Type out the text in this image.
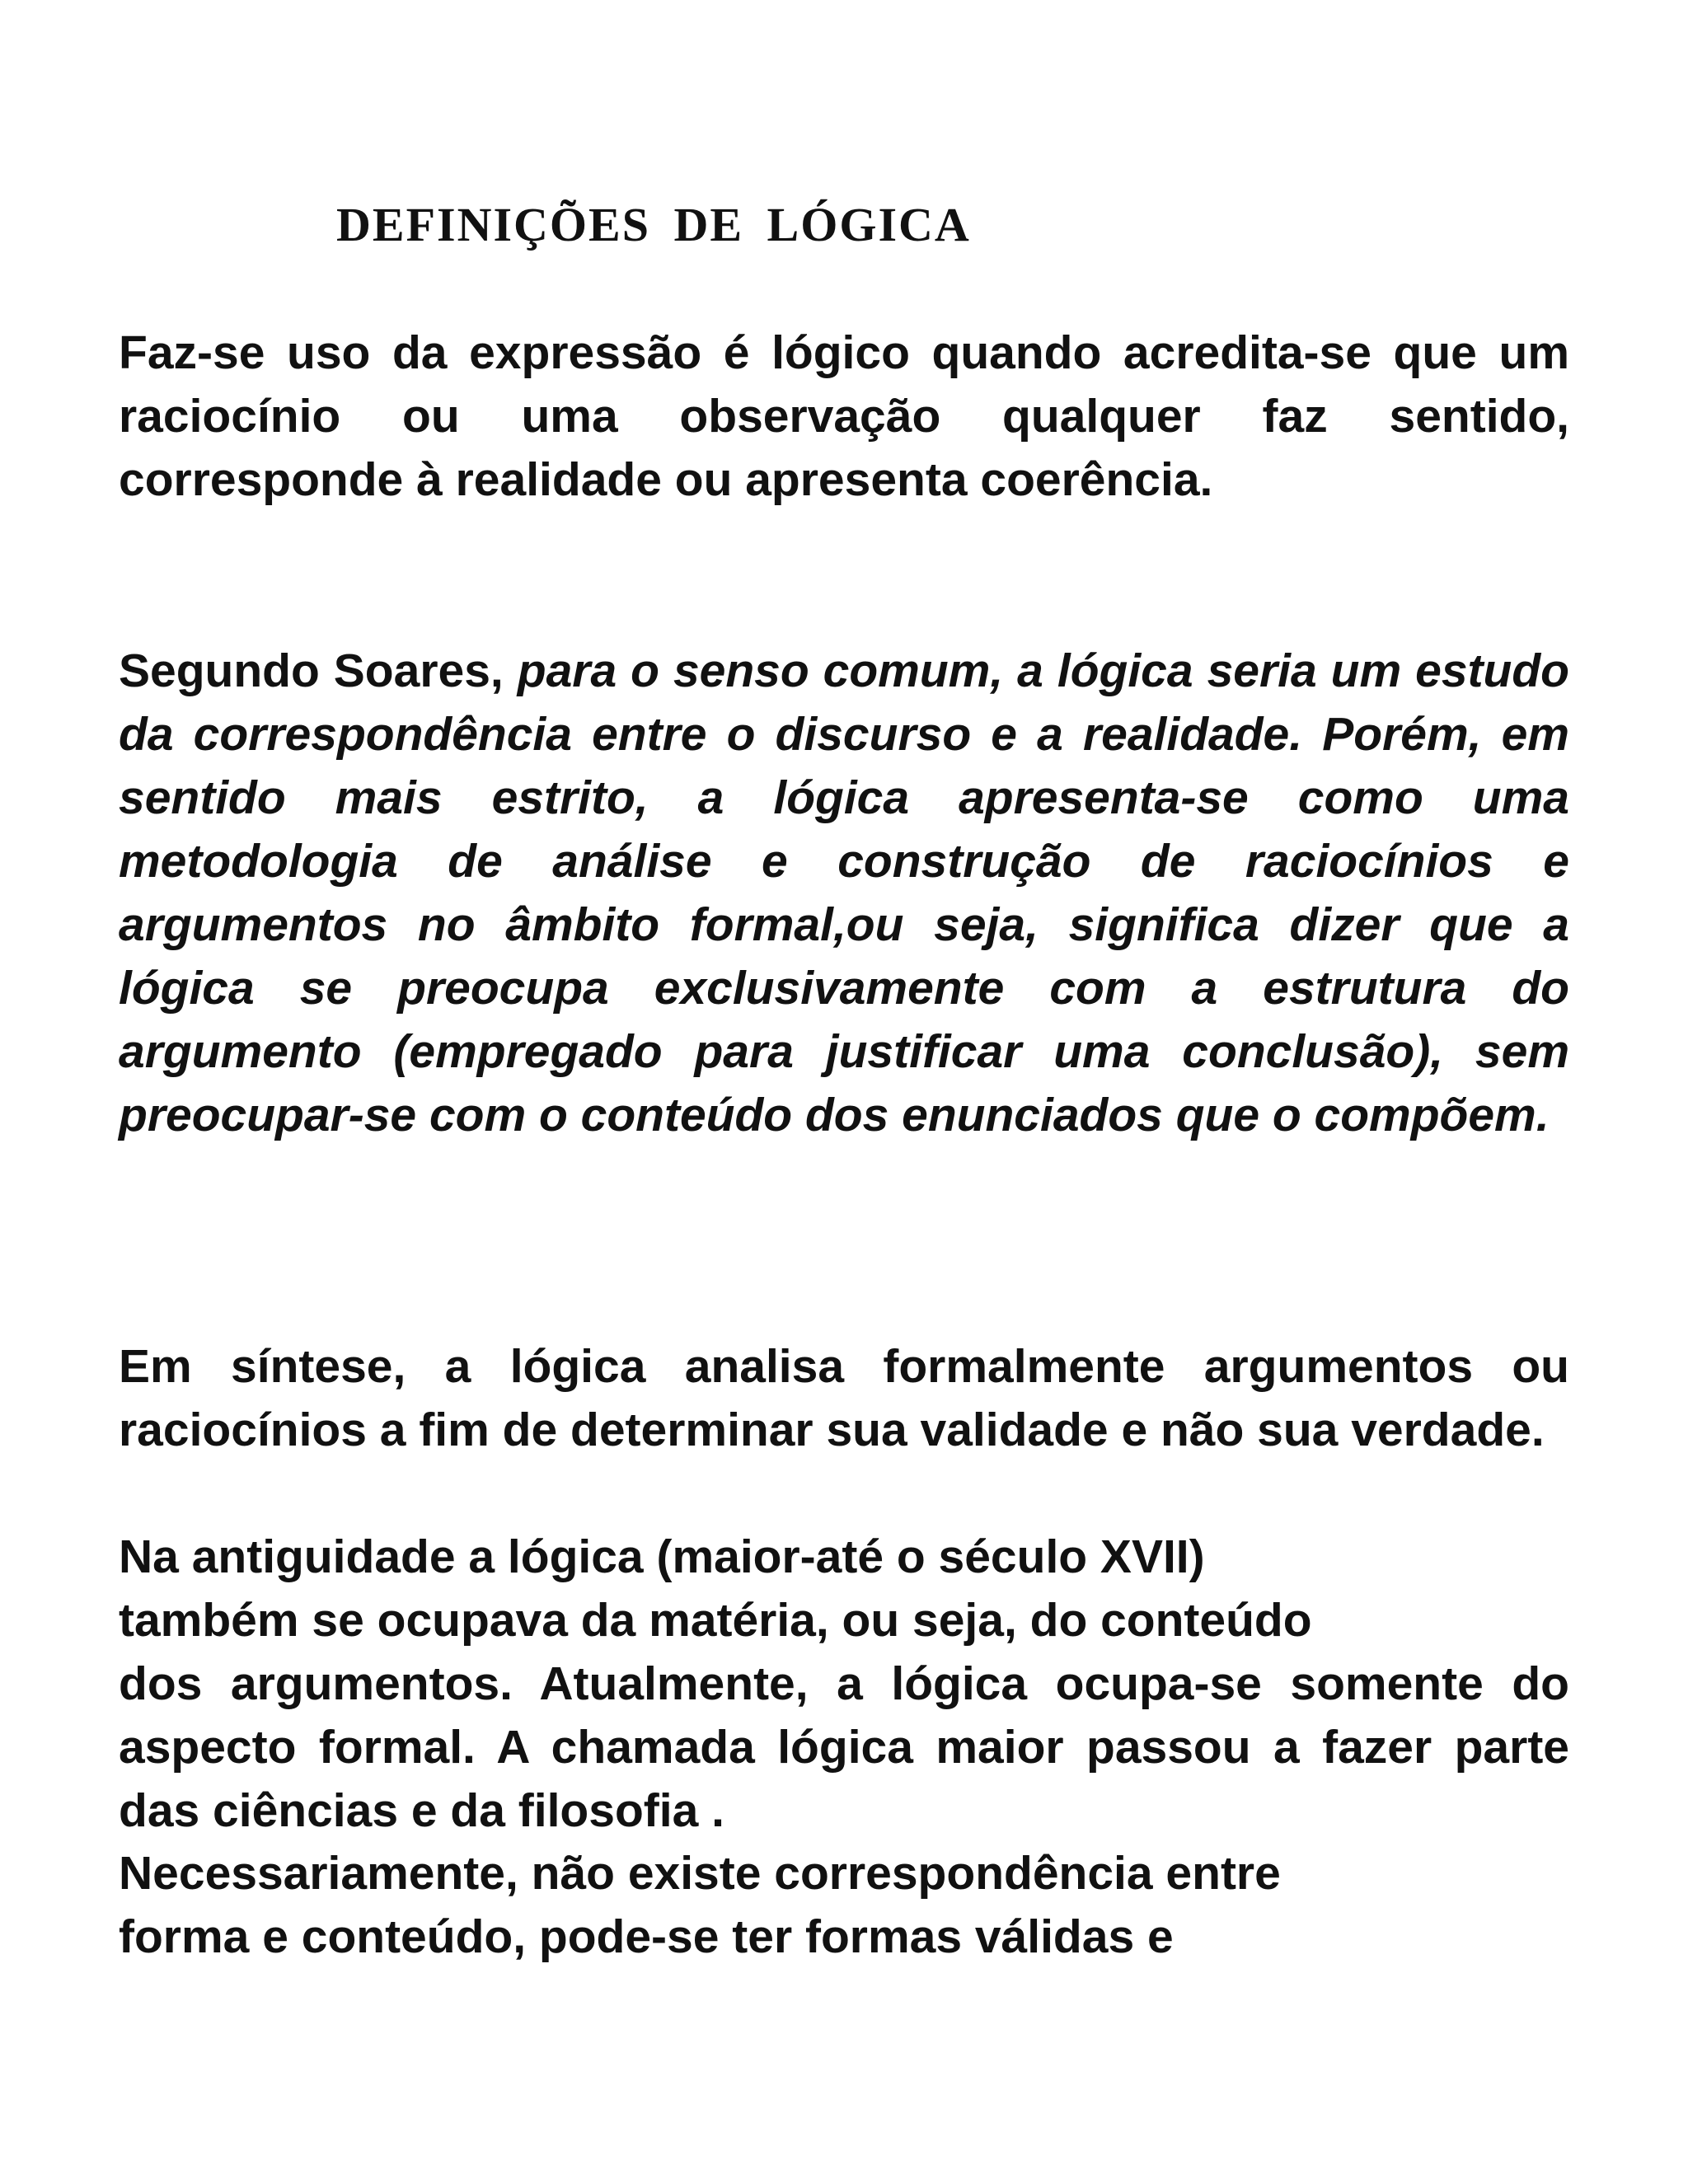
DEFINIÇÕES DE LÓGICA

Faz-se uso da expressão é lógico quando acredita-se que um raciocínio ou uma observação qualquer faz sentido, corresponde à realidade ou apresenta coerência.

Segundo Soares, para o senso comum, a lógica seria um estudo da correspondência entre o discurso e a realidade. Porém, em sentido mais estrito, a lógica apresenta-se como uma metodologia de análise e construção de raciocínios e argumentos no âmbito formal,ou seja, significa dizer que a lógica se preocupa exclusivamente com a estrutura do argumento (empregado para justificar uma conclusão), sem preocupar-se com o conteúdo dos enunciados que o compõem.

Em síntese, a lógica analisa formalmente argumentos ou raciocínios a fim de determinar sua validade e não sua verdade.

Na antiguidade a lógica (maior-até o século XVII)

também se ocupava da matéria, ou seja, do conteúdo

dos argumentos. Atualmente, a lógica ocupa-se somente do aspecto formal. A chamada lógica maior passou a fazer parte das ciências e da filosofia .

Necessariamente, não existe correspondência entre

forma e conteúdo, pode-se ter formas válidas e
